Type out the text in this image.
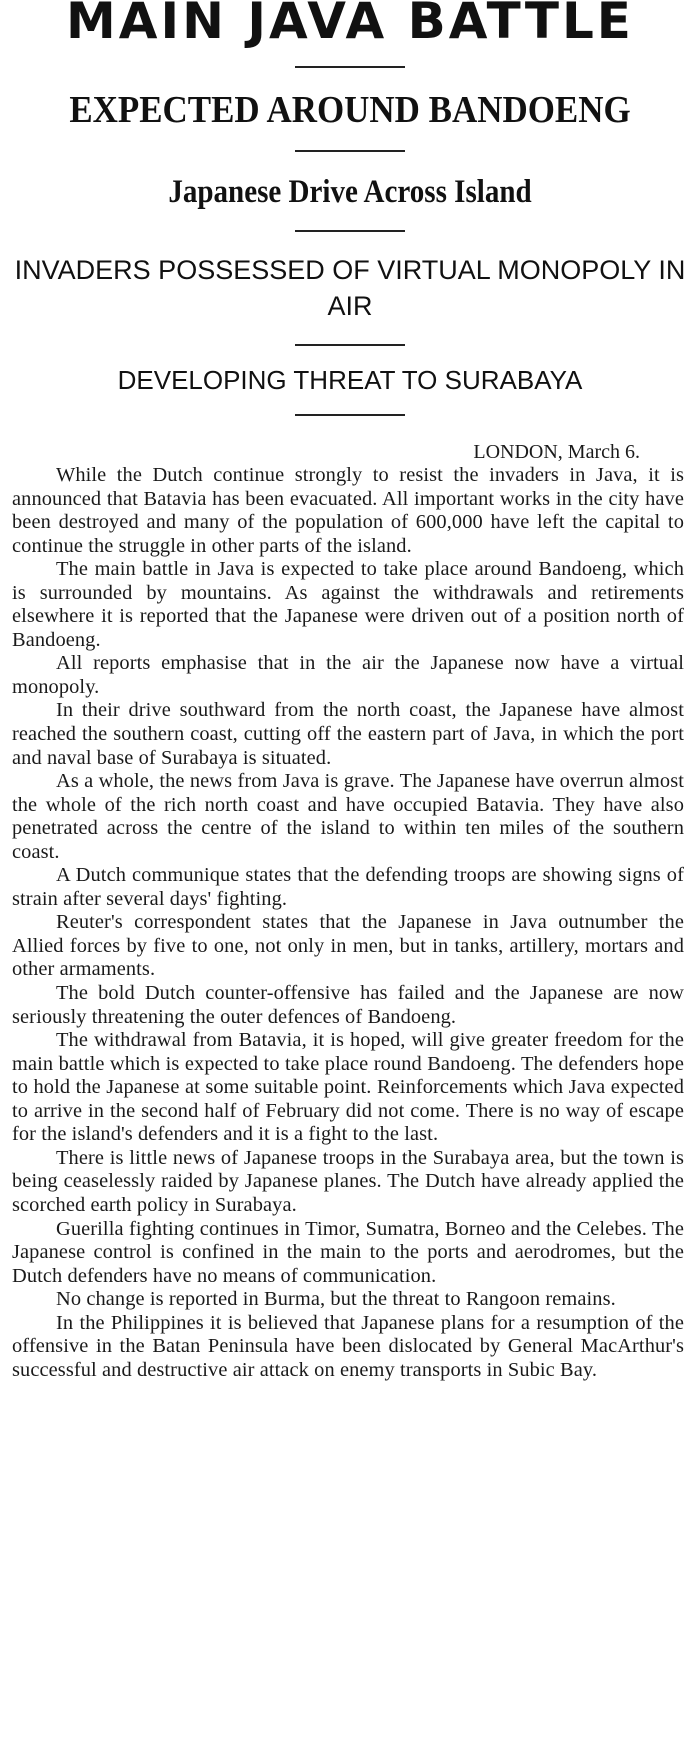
MAIN JAVA BATTLE
EXPECTED AROUND BANDOENG
Japanese Drive Across Island
INVADERS POSSESSED OF VIRTUAL MONOPOLY IN AIR
DEVELOPING THREAT TO SURABAYA
LONDON, March 6.

While the Dutch continue strongly to resist the invaders in Java, it is announced that Batavia has been evacuated. All important works in the city have been destroyed and many of the population of 600,000 have left the capital to continue the struggle in other parts of the island.

The main battle in Java is expected to take place around Bandoeng, which is surrounded by mountains. As against the withdrawals and retirements elsewhere it is reported that the Japanese were driven out of a position north of Bandoeng.

All reports emphasise that in the air the Japanese now have a virtual monopoly.

In their drive southward from the north coast, the Japanese have almost reached the southern coast, cutting off the eastern part of Java, in which the port and naval base of Surabaya is situated.

As a whole, the news from Java is grave. The Japanese have overrun almost the whole of the rich north coast and have occupied Batavia. They have also penetrated across the centre of the island to within ten miles of the southern coast.

A Dutch communique states that the defending troops are showing signs of strain after several days' fighting.

Reuter's correspondent states that the Japanese in Java outnumber the Allied forces by five to one, not only in men, but in tanks, artillery, mortars and other armaments.

The bold Dutch counter-offensive has failed and the Japanese are now seriously threatening the outer defences of Bandoeng.

The withdrawal from Batavia, it is hoped, will give greater freedom for the main battle which is expected to take place round Bandoeng. The defenders hope to hold the Japanese at some suitable point. Reinforcements which Java expected to arrive in the second half of February did not come. There is no way of escape for the island's defenders and it is a fight to the last.

There is little news of Japanese troops in the Surabaya area, but the town is being ceaselessly raided by Japanese planes. The Dutch have already applied the scorched earth policy in Surabaya.

Guerilla fighting continues in Timor, Sumatra, Borneo and the Celebes. The Japanese control is confined in the main to the ports and aerodromes, but the Dutch defenders have no means of communication.

No change is reported in Burma, but the threat to Rangoon remains.

In the Philippines it is believed that Japanese plans for a resumption of the offensive in the Batan Peninsula have been dislocated by General MacArthur's successful and destructive air attack on enemy transports in Subic Bay.
